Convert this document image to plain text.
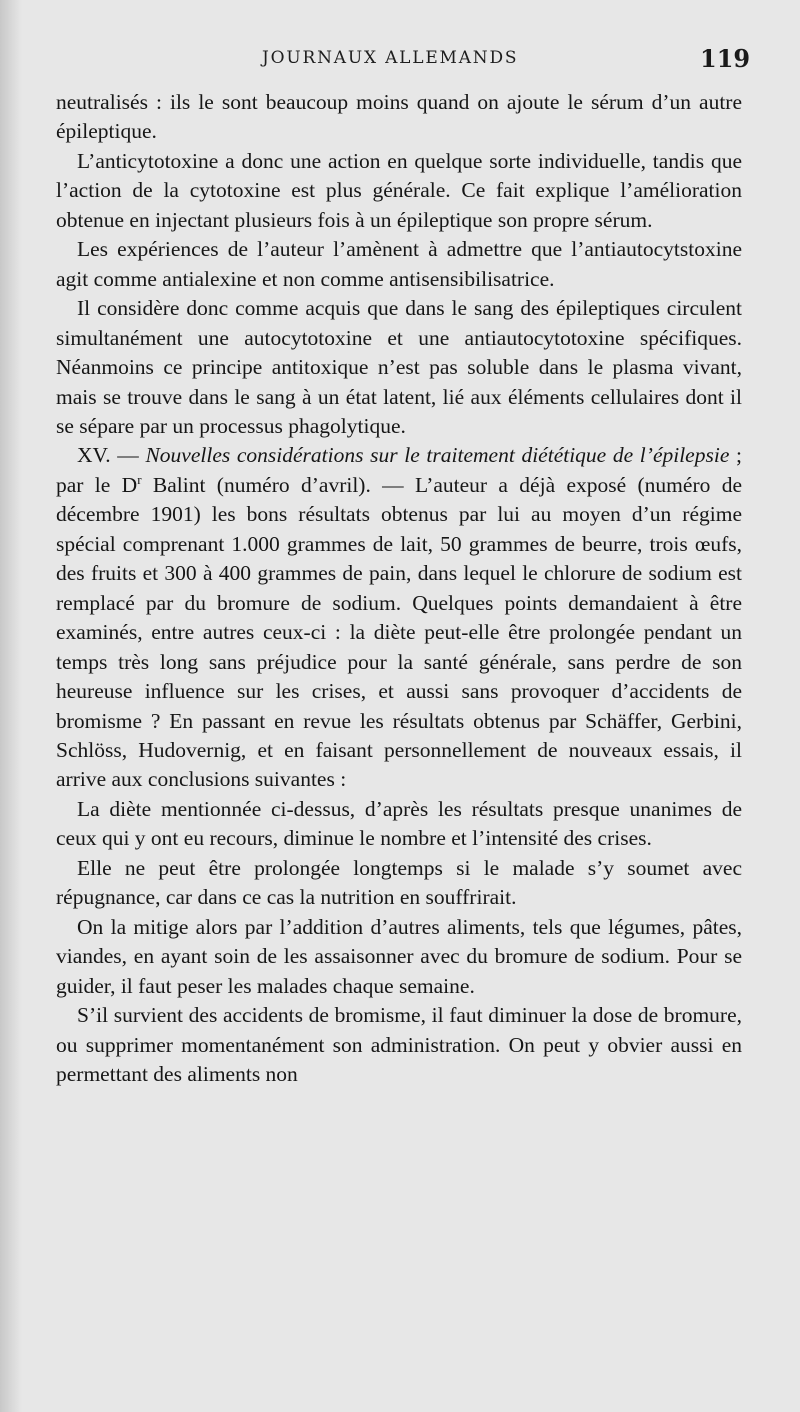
JOURNAUX ALLEMANDS	119

neutralisés : ils le sont beaucoup moins quand on ajoute le sérum d’un autre épileptique.

L’anticytotoxine a donc une action en quelque sorte individuelle, tandis que l’action de la cytotoxine est plus générale. Ce fait explique l’amélioration obtenue en injectant plusieurs fois à un épileptique son propre sérum.

Les expériences de l’auteur l’amènent à admettre que l’antiautocytstoxine agit comme antialexine et non comme antisensibilisatrice.

Il considère donc comme acquis que dans le sang des épileptiques circulent simultanément une autocytotoxine et une antiautocytotoxine spécifiques. Néanmoins ce principe antitoxique n’est pas soluble dans le plasma vivant, mais se trouve dans le sang à un état latent, lié aux éléments cellulaires dont il se sépare par un processus phagolytique.

XV. — Nouvelles considérations sur le traitement diététique de l’épilepsie ; par le $D^r$ Balint (numéro d’avril). — L’auteur a déjà exposé (numéro de décembre 1901) les bons résultats obtenus par lui au moyen d’un régime spécial comprenant 1.000 grammes de lait, 50 grammes de beurre, trois œufs, des fruits et 300 à 400 grammes de pain, dans lequel le chlorure de sodium est remplacé par du bromure de sodium. Quelques points demandaient à être examinés, entre autres ceux-ci : la diète peut-elle être prolongée pendant un temps très long sans préjudice pour la santé générale, sans perdre de son heureuse influence sur les crises, et aussi sans provoquer d’accidents de bromisme ? En passant en revue les résultats obtenus par Schäffer, Gerbini, Schlöss, Hudovernig, et en faisant personnellement de nouveaux essais, il arrive aux conclusions suivantes :

La diète mentionnée ci-dessus, d’après les résultats presque unanimes de ceux qui y ont eu recours, diminue le nombre et l’intensité des crises.

Elle ne peut être prolongée longtemps si le malade s’y soumet avec répugnance, car dans ce cas la nutrition en souffrirait.

On la mitige alors par l’addition d’autres aliments, tels que légumes, pâtes, viandes, en ayant soin de les assaisonner avec du bromure de sodium. Pour se guider, il faut peser les malades chaque semaine.

S’il survient des accidents de bromisme, il faut diminuer la dose de bromure, ou supprimer momentanément son administration. On peut y obvier aussi en permettant des aliments non
